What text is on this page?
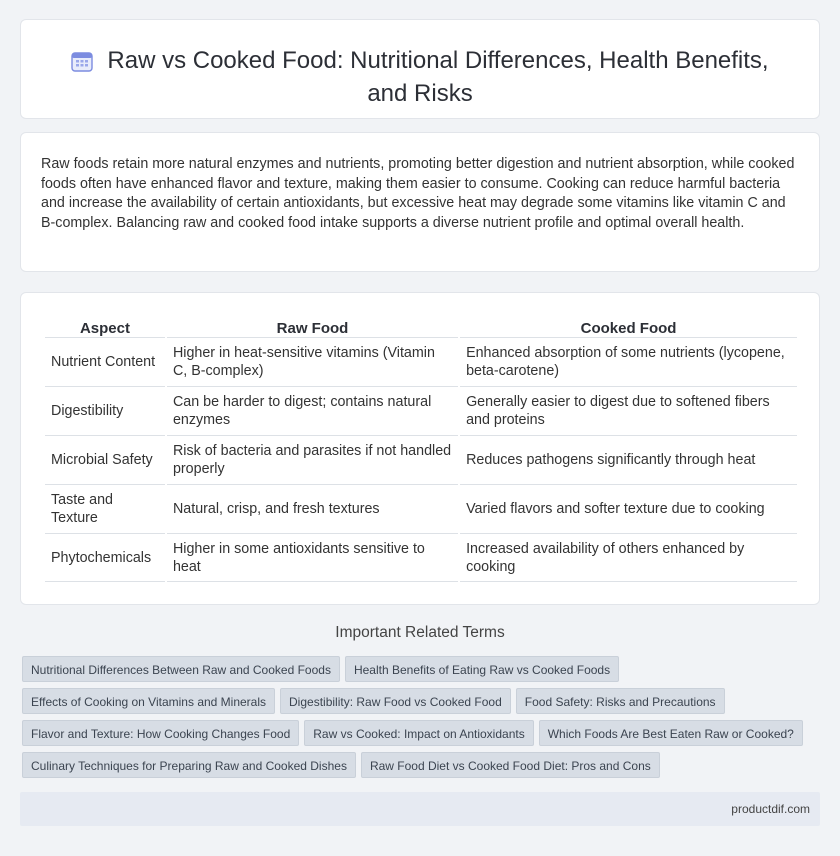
Raw vs Cooked Food: Nutritional Differences, Health Benefits, and Risks

Raw foods retain more natural enzymes and nutrients, promoting better digestion and nutrient absorption, while cooked foods often have enhanced flavor and texture, making them easier to consume. Cooking can reduce harmful bacteria and increase the availability of certain antioxidants, but excessive heat may degrade some vitamins like vitamin C and B-complex. Balancing raw and cooked food intake supports a diverse nutrient profile and optimal overall health.

Aspect	Raw Food	Cooked Food
Nutrient Content	Higher in heat-sensitive vitamins (Vitamin C, B-complex)	Enhanced absorption of some nutrients (lycopene, beta-carotene)
Digestibility	Can be harder to digest; contains natural enzymes	Generally easier to digest due to softened fibers and proteins
Microbial Safety	Risk of bacteria and parasites if not handled properly	Reduces pathogens significantly through heat
Taste and Texture	Natural, crisp, and fresh textures	Varied flavors and softer texture due to cooking
Phytochemicals	Higher in some antioxidants sensitive to heat	Increased availability of others enhanced by cooking
Important Related Terms
Nutritional Differences Between Raw and Cooked Foods Health Benefits of Eating Raw vs Cooked Foods
Effects of Cooking on Vitamins and Minerals Digestibility: Raw Food vs Cooked Food Food Safety: Risks and Precautions
Flavor and Texture: How Cooking Changes Food Raw vs Cooked: Impact on Antioxidants Which Foods Are Best Eaten Raw or Cooked?
Culinary Techniques for Preparing Raw and Cooked Dishes Raw Food Diet vs Cooked Food Diet: Pros and Cons
productdif.com
